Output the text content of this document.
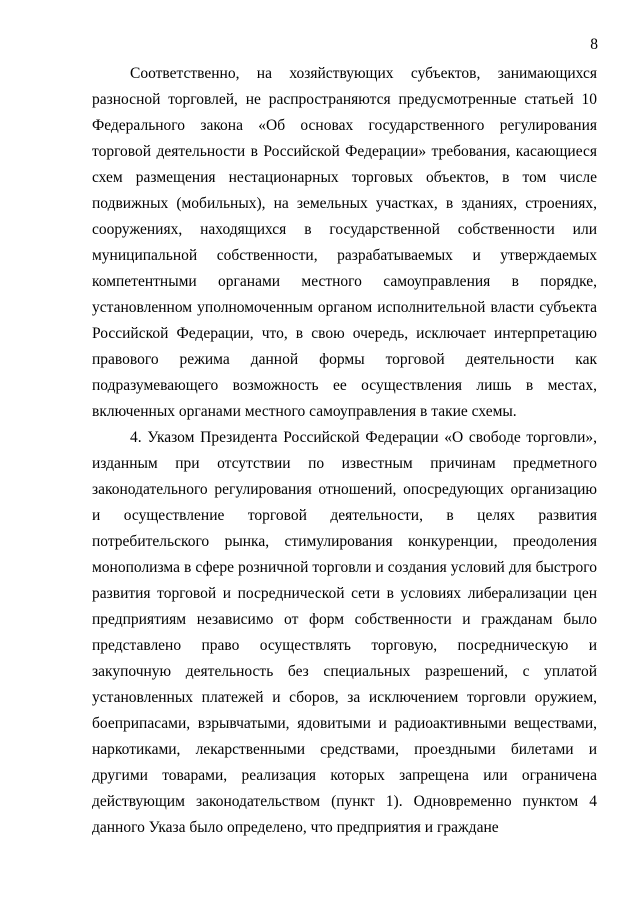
8

Соответственно, на хозяйствующих субъектов, занимающихся разносной торговлей, не распространяются предусмотренные статьей 10 Федерального закона «Об основах государственного регулирования торговой деятельности в Российской Федерации» требования, касающиеся схем размещения нестационарных торговых объектов, в том числе подвижных (мобильных), на земельных участках, в зданиях, строениях, сооружениях, находящихся в государственной собственности или муниципальной собственности, разрабатываемых и утверждаемых компетентными органами местного самоуправления в порядке, установленном уполномоченным органом исполнительной власти субъекта Российской Федерации, что, в свою очередь, исключает интерпретацию правового режима данной формы торговой деятельности как подразумевающего возможность ее осуществления лишь в местах, включенных органами местного самоуправления в такие схемы.

4. Указом Президента Российской Федерации «О свободе торговли», изданным при отсутствии по известным причинам предметного законодательного регулирования отношений, опосредующих организацию и осуществление торговой деятельности, в целях развития потребительского рынка, стимулирования конкуренции, преодоления монополизма в сфере розничной торговли и создания условий для быстрого развития торговой и посреднической сети в условиях либерализации цен предприятиям независимо от форм собственности и гражданам было представлено право осуществлять торговую, посредническую и закупочную деятельность без специальных разрешений, с уплатой установленных платежей и сборов, за исключением торговли оружием, боеприпасами, взрывчатыми, ядовитыми и радиоактивными веществами, наркотиками, лекарственными средствами, проездными билетами и другими товарами, реализация которых запрещена или ограничена действующим законодательством (пункт 1). Одновременно пунктом 4 данного Указа было определено, что предприятия и граждане
